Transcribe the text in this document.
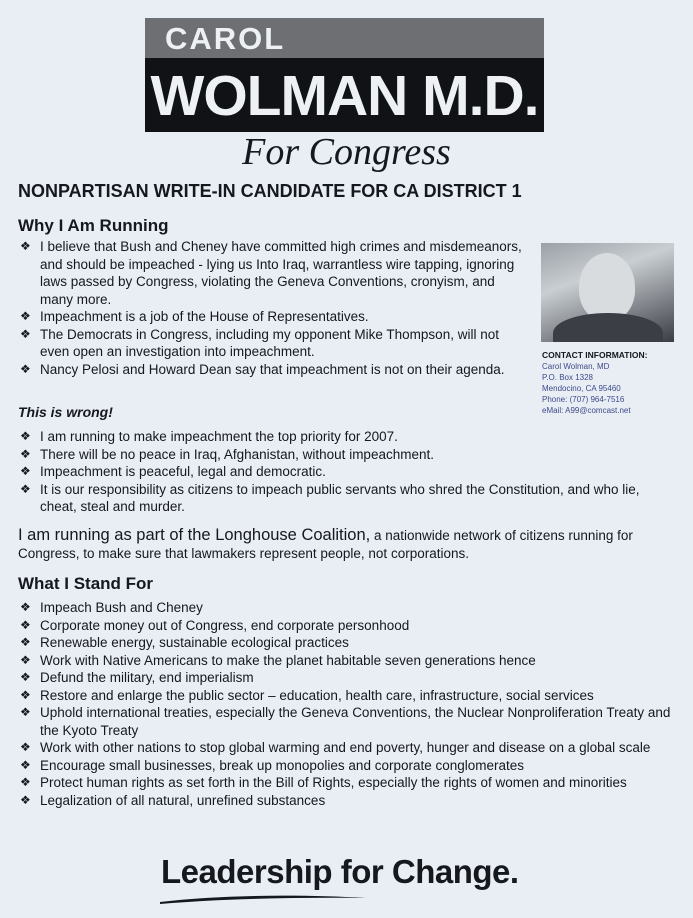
CAROL
WOLMAN M.D.
For Congress
NONPARTISAN WRITE-IN CANDIDATE FOR CA DISTRICT 1
Why I Am Running
❖ I believe that Bush and Cheney have committed high crimes and misdemeanors, and should be impeached - lying us Into Iraq, warrantless wire tapping, ignoring laws passed by Congress, violating the Geneva Conventions, cronyism, and many more.
❖ Impeachment is a job of the House of Representatives.
❖ The Democrats in Congress, including my opponent Mike Thompson, will not even open an investigation into impeachment.
❖ Nancy Pelosi and Howard Dean say that impeachment is not on their agenda.
CONTACT INFORMATION:
Carol Wolman, MD
P.O. Box 1328
Mendocino, CA 95460
Phone: (707) 964-7516
eMail: A99@comcast.net
This is wrong!
❖ I am running to make impeachment the top priority for 2007.
❖ There will be no peace in Iraq, Afghanistan, without impeachment.
❖ Impeachment is peaceful, legal and democratic.
❖ It is our responsibility as citizens to impeach public servants who shred the Constitution, and who lie, cheat, steal and murder.
I am running as part of the Longhouse Coalition, a nationwide network of citizens running for Congress, to make sure that lawmakers represent people, not corporations.
What I Stand For
❖ Impeach Bush and Cheney
❖ Corporate money out of Congress, end corporate personhood
❖ Renewable energy, sustainable ecological practices
❖ Work with Native Americans to make the planet habitable seven generations hence
❖ Defund the military, end imperialism
❖ Restore and enlarge the public sector – education, health care, infrastructure, social services
❖ Uphold international treaties, especially the Geneva Conventions, the Nuclear Nonproliferation Treaty and the Kyoto Treaty
❖ Work with other nations to stop global warming and end poverty, hunger and disease on a global scale
❖ Encourage small businesses, break up monopolies and corporate conglomerates
❖ Protect human rights as set forth in the Bill of Rights, especially the rights of women and minorities
❖ Legalization of all natural, unrefined substances
Leadership for Change.
